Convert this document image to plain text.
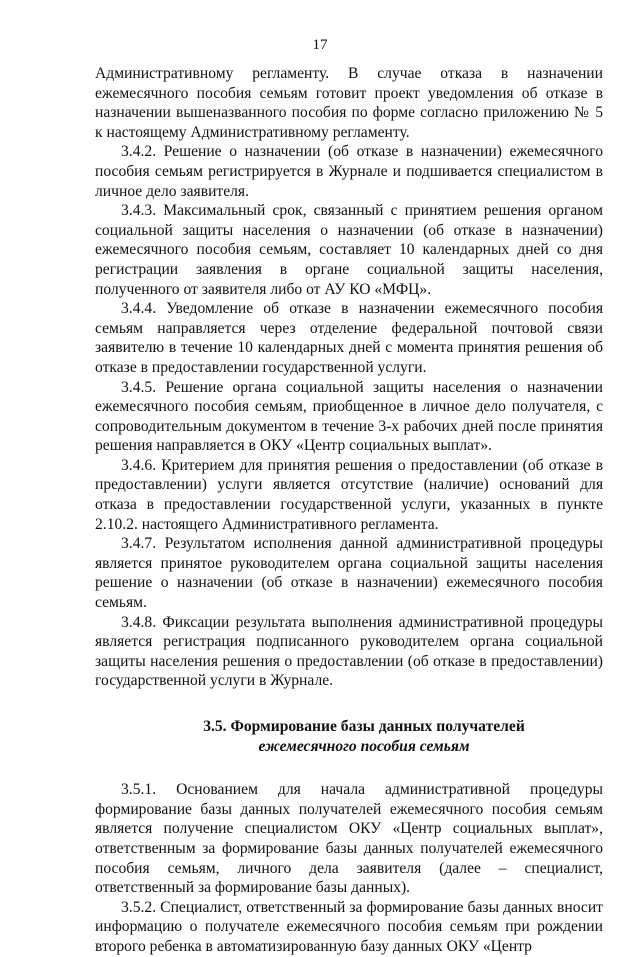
17

Административному регламенту. В случае отказа в назначении ежемесячного пособия семьям готовит проект уведомления об отказе в назначении вышеназванного пособия по форме согласно приложению № 5 к настоящему Административному регламенту.

3.4.2. Решение о назначении (об отказе в назначении) ежемесячного пособия семьям регистрируется в Журнале и подшивается специалистом в личное дело заявителя.

3.4.3. Максимальный срок, связанный с принятием решения органом социальной защиты населения о назначении (об отказе в назначении) ежемесячного пособия семьям, составляет 10 календарных дней со дня регистрации заявления в органе социальной защиты населения, полученного от заявителя либо от АУ КО «МФЦ».

3.4.4. Уведомление об отказе в назначении ежемесячного пособия семьям направляется через отделение федеральной почтовой связи заявителю в течение 10 календарных дней с момента принятия решения об отказе в предоставлении государственной услуги.

3.4.5. Решение органа социальной защиты населения о назначении ежемесячного пособия семьям, приобщенное в личное дело получателя, с сопроводительным документом в течение 3-х рабочих дней после принятия решения направляется в ОКУ «Центр социальных выплат».

3.4.6. Критерием для принятия решения о предоставлении (об отказе в предоставлении) услуги является отсутствие (наличие) оснований для отказа в предоставлении государственной услуги, указанных в пункте 2.10.2. настоящего Административного регламента.

3.4.7. Результатом исполнения данной административной процедуры является принятое руководителем органа социальной защиты населения решение о назначении (об отказе в назначении) ежемесячного пособия семьям.

3.4.8. Фиксации результата выполнения административной процедуры является регистрация подписанного руководителем органа социальной защиты населения решения о предоставлении (об отказе в предоставлении) государственной услуги в Журнале.

3.5. Формирование базы данных получателей
ежемесячного пособия семьям

3.5.1. Основанием для начала административной процедуры формирование базы данных получателей ежемесячного пособия семьям является получение специалистом ОКУ «Центр социальных выплат», ответственным за формирование базы данных получателей ежемесячного пособия семьям, личного дела заявителя (далее – специалист, ответственный за формирование базы данных).

3.5.2. Специалист, ответственный за формирование базы данных вносит информацию о получателе ежемесячного пособия семьям при рождении второго ребенка в автоматизированную базу данных ОКУ «Центр
